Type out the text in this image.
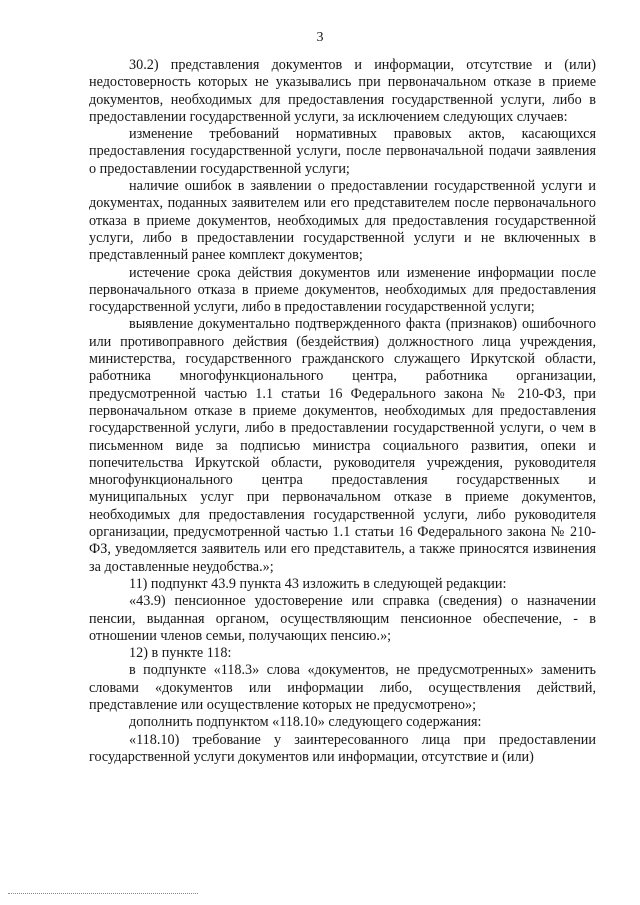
3

30.2) представления документов и информации, отсутствие и (или) недостоверность которых не указывались при первоначальном отказе в приеме документов, необходимых для предоставления государственной услуги, либо в предоставлении государственной услуги, за исключением следующих случаев:

изменение требований нормативных правовых актов, касающихся предоставления государственной услуги, после первоначальной подачи заявления о предоставлении государственной услуги;

наличие ошибок в заявлении о предоставлении государственной услуги и документах, поданных заявителем или его представителем после первоначального отказа в приеме документов, необходимых для предоставления государственной услуги, либо в предоставлении государственной услуги и не включенных в представленный ранее комплект документов;

истечение срока действия документов или изменение информации после первоначального отказа в приеме документов, необходимых для предоставления государственной услуги, либо в предоставлении государственной услуги;

выявление документально подтвержденного факта (признаков) ошибочного или противоправного действия (бездействия) должностного лица учреждения, министерства, государственного гражданского служащего Иркутской области, работника многофункционального центра, работника организации, предусмотренной частью 1.1 статьи 16 Федерального закона № 210-ФЗ, при первоначальном отказе в приеме документов, необходимых для предоставления государственной услуги, либо в предоставлении государственной услуги, о чем в письменном виде за подписью министра социального развития, опеки и попечительства Иркутской области, руководителя учреждения, руководителя многофункционального центра предоставления государственных и муниципальных услуг при первоначальном отказе в приеме документов, необходимых для предоставления государственной услуги, либо руководителя организации, предусмотренной частью 1.1 статьи 16 Федерального закона № 210-ФЗ, уведомляется заявитель или его представитель, а также приносятся извинения за доставленные неудобства.»;

11) подпункт 43.9 пункта 43 изложить в следующей редакции:

«43.9) пенсионное удостоверение или справка (сведения) о назначении пенсии, выданная органом, осуществляющим пенсионное обеспечение, - в отношении членов семьи, получающих пенсию.»;

12) в пункте 118:

в подпункте «118.3» слова «документов, не предусмотренных» заменить словами «документов или информации либо, осуществления действий, представление или осуществление которых не предусмотрено»;

дополнить подпунктом «118.10» следующего содержания:

«118.10) требование у заинтересованного лица при предоставлении государственной услуги документов или информации, отсутствие и (или)
